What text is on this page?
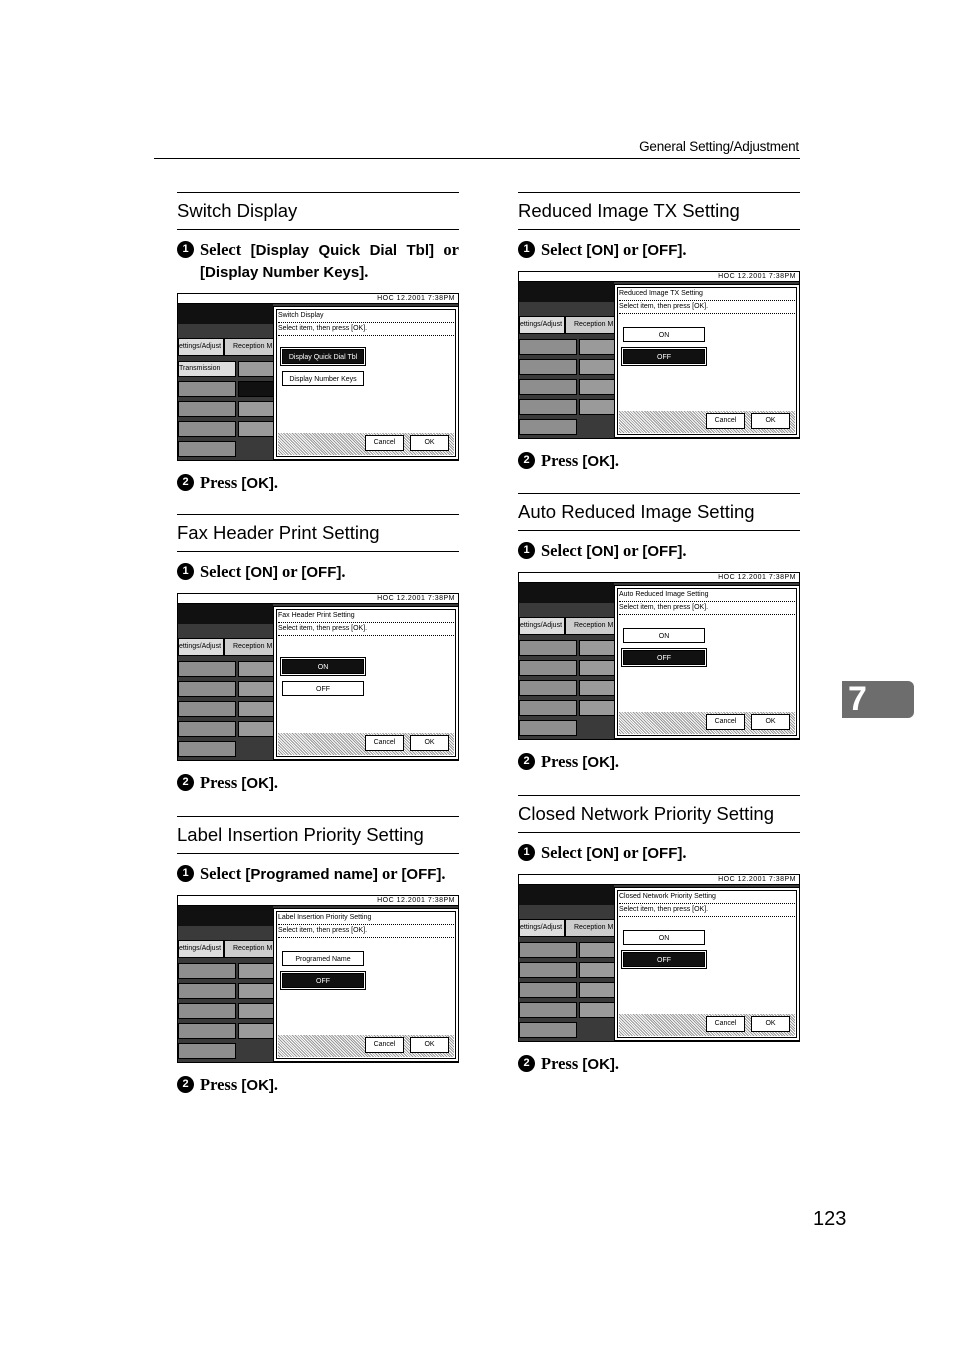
General Setting/Adjustment
7
123
Switch Display
1 Select [Display Quick Dial Tbl] or [Display Number Keys].
HOC 12.2001 7:38PM
ettings/Adjust	Reception M
Transmission
Switch Display
Select item, then press [OK].
Display Quick Dial Tbl
Display Number Keys
Cancel	OK
2 Press [OK].
Fax Header Print Setting
1 Select [ON] or [OFF].
HOC 12.2001 7:38PM
ettings/Adjust	Reception M
Fax Header Print Setting
Select item, then press [OK].
ON
OFF
Cancel	OK
2 Press [OK].
Label Insertion Priority Setting
1 Select [Programed name] or [OFF].
HOC 12.2001 7:38PM
ettings/Adjust	Reception M
Label Insertion Priority Setting
Select item, then press [OK].
Programed Name
OFF
Cancel	OK
2 Press [OK].
Reduced Image TX Setting
1 Select [ON] or [OFF].
HOC 12.2001 7:38PM
ettings/Adjust	Reception M
Reduced Image TX Setting
Select item, then press [OK].
ON
OFF
Cancel	OK
2 Press [OK].
Auto Reduced Image Setting
1 Select [ON] or [OFF].
HOC 12.2001 7:38PM
ettings/Adjust	Reception M
Auto Reduced Image Setting
Select item, then press [OK].
ON
OFF
Cancel	OK
2 Press [OK].
Closed Network Priority Setting
1 Select [ON] or [OFF].
HOC 12.2001 7:38PM
ettings/Adjust	Reception M
Closed Network Priority Setting
Select item, then press [OK].
ON
OFF
Cancel	OK
2 Press [OK].
